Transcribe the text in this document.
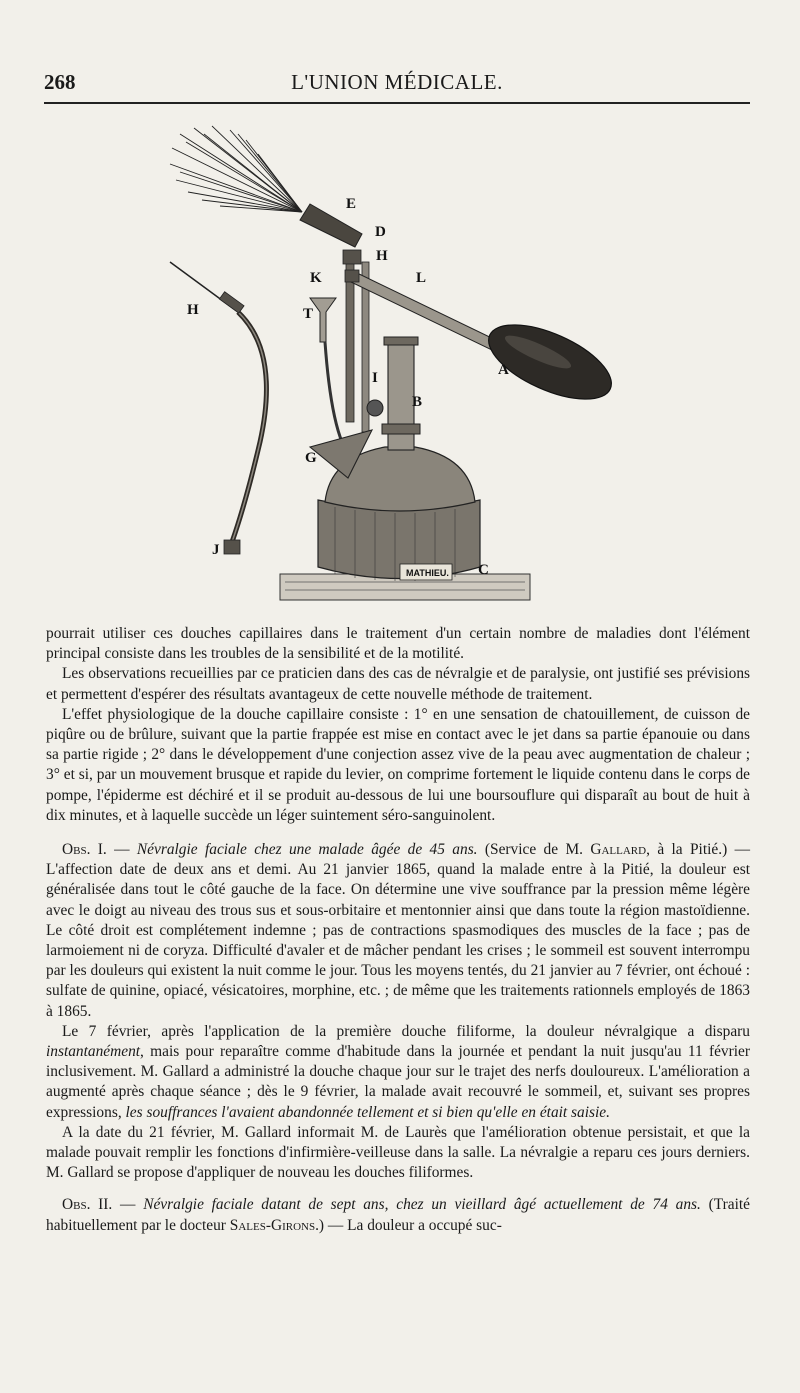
268	L'UNION MÉDICALE.
MATHIEU.
E
D
H
K	L
T
H
I	A
B
G
J
C

pourrait utiliser ces douches capillaires dans le traitement d'un certain nombre de maladies dont l'élément principal consiste dans les troubles de la sensibilité et de la motilité.

Les observations recueillies par ce praticien dans des cas de névralgie et de paralysie, ont justifié ses prévisions et permettent d'espérer des résultats avantageux de cette nouvelle méthode de traitement.

L'effet physiologique de la douche capillaire consiste : 1° en une sensation de chatouillement, de cuisson de piqûre ou de brûlure, suivant que la partie frappée est mise en contact avec le jet dans sa partie épanouie ou dans sa partie rigide ; 2° dans le développement d'une conjection assez vive de la peau avec augmentation de chaleur ; 3° et si, par un mouvement brusque et rapide du levier, on comprime fortement le liquide contenu dans le corps de pompe, l'épiderme est déchiré et il se produit au-dessous de lui une boursouflure qui disparaît au bout de huit à dix minutes, et à laquelle succède un léger suintement séro-sanguinolent.

Obs. I. — Névralgie faciale chez une malade âgée de 45 ans. (Service de M. Gallard, à la Pitié.) — L'affection date de deux ans et demi. Au 21 janvier 1865, quand la malade entre à la Pitié, la douleur est généralisée dans tout le côté gauche de la face. On détermine une vive souffrance par la pression même légère avec le doigt au niveau des trous sus et sous-orbitaire et mentonnier ainsi que dans toute la région mastoïdienne. Le côté droit est complétement indemne ; pas de contractions spasmodiques des muscles de la face ; pas de larmoiement ni de coryza. Difficulté d'avaler et de mâcher pendant les crises ; le sommeil est souvent interrompu par les douleurs qui existent la nuit comme le jour. Tous les moyens tentés, du 21 janvier au 7 février, ont échoué : sulfate de quinine, opiacé, vésicatoires, morphine, etc. ; de même que les traitements rationnels employés de 1863 à 1865.

Le 7 février, après l'application de la première douche filiforme, la douleur névralgique a disparu instantanément, mais pour reparaître comme d'habitude dans la journée et pendant la nuit jusqu'au 11 février inclusivement. M. Gallard a administré la douche chaque jour sur le trajet des nerfs douloureux. L'amélioration a augmenté après chaque séance ; dès le 9 février, la malade avait recouvré le sommeil, et, suivant ses propres expressions, les souffrances l'avaient abandonnée tellement et si bien qu'elle en était saisie.

A la date du 21 février, M. Gallard informait M. de Laurès que l'amélioration obtenue persistait, et que la malade pouvait remplir les fonctions d'infirmière-veilleuse dans la salle. La névralgie a reparu ces jours derniers. M. Gallard se propose d'appliquer de nouveau les douches filiformes.

Obs. II. — Névralgie faciale datant de sept ans, chez un vieillard âgé actuellement de 74 ans. (Traité habituellement par le docteur Sales-Girons.) — La douleur a occupé suc-
